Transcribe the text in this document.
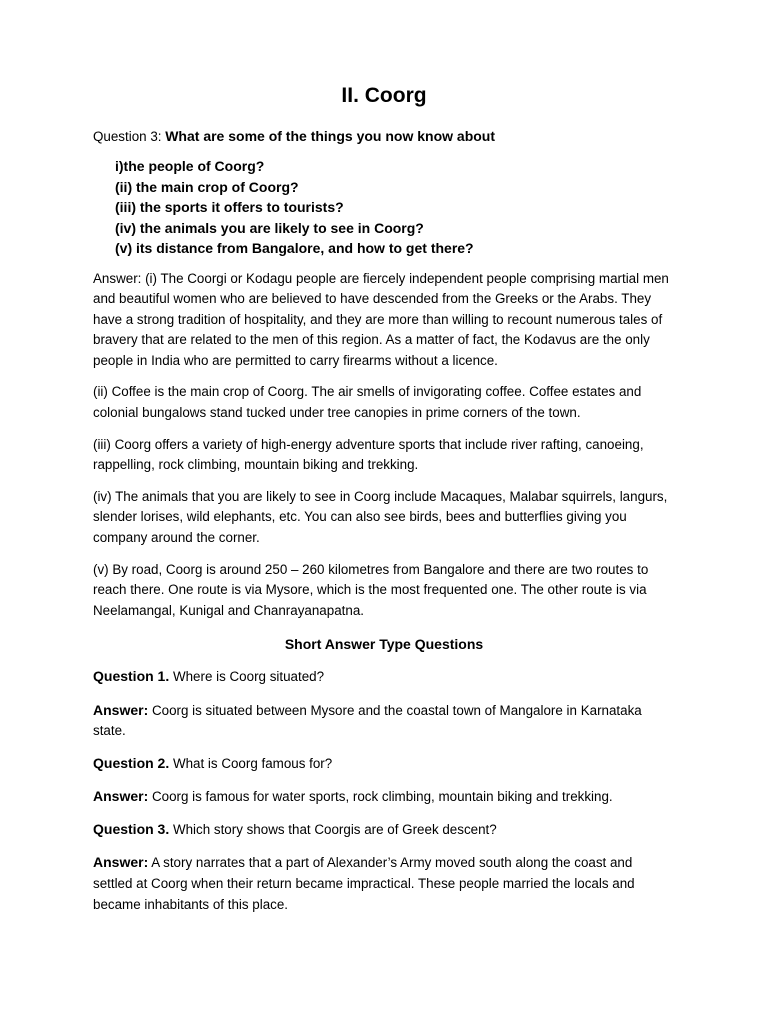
II. Coorg

Question 3: What are some of the things you now know about

i)the people of Coorg?
(ii) the main crop of Coorg?
(iii) the sports it offers to tourists?
(iv) the animals you are likely to see in Coorg?
(v) its distance from Bangalore, and how to get there?

Answer: (i) The Coorgi or Kodagu people are fiercely independent people comprising martial men and beautiful women who are believed to have descended from the Greeks or the Arabs. They have a strong tradition of hospitality, and they are more than willing to recount numerous tales of bravery that are related to the men of this region. As a matter of fact, the Kodavus are the only people in India who are permitted to carry firearms without a licence.

(ii) Coffee is the main crop of Coorg. The air smells of invigorating coffee. Coffee estates and colonial bungalows stand tucked under tree canopies in prime corners of the town.

(iii) Coorg offers a variety of high-energy adventure sports that include river rafting, canoeing, rappelling, rock climbing, mountain biking and trekking.

(iv) The animals that you are likely to see in Coorg include Macaques, Malabar squirrels, langurs, slender lorises, wild elephants, etc. You can also see birds, bees and butterflies giving you company around the corner.

(v) By road, Coorg is around 250 – 260 kilometres from Bangalore and there are two routes to reach there. One route is via Mysore, which is the most frequented one. The other route is via Neelamangal, Kunigal and Chanrayanapatna.

Short Answer Type Questions

Question 1. Where is Coorg situated?

Answer: Coorg is situated between Mysore and the coastal town of Mangalore in Karnataka state.

Question 2. What is Coorg famous for?

Answer: Coorg is famous for water sports, rock climbing, mountain biking and trekking.

Question 3. Which story shows that Coorgis are of Greek descent?

Answer: A story narrates that a part of Alexander’s Army moved south along the coast and settled at Coorg when their return became impractical. These people married the locals and became inhabitants of this place.
